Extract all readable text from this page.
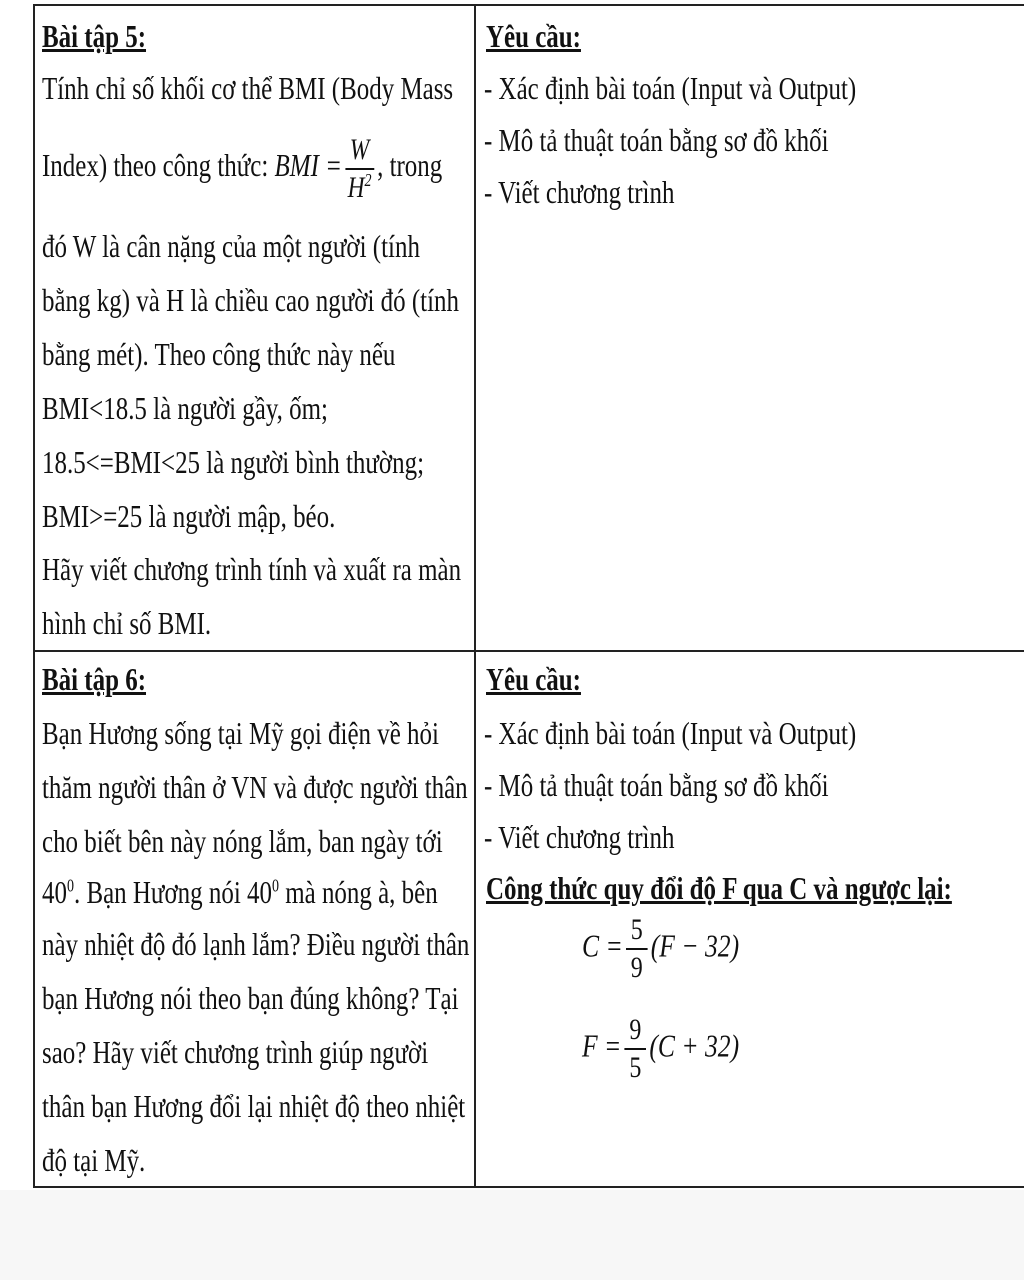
Bài tập 5:
Tính chỉ số khối cơ thể BMI (Body Mass
Index) theo công thức: BMI = $\frac{W}{H^2}$ , trong
đó W là cân nặng của một người (tính
bằng kg) và H là chiều cao người đó (tính
bằng mét). Theo công thức này nếu
BMI<18.5 là người gầy, ốm;
18.5<=BMI<25 là người bình thường;
BMI>=25 là người mập, béo.
Hãy viết chương trình tính và xuất ra màn
hình chỉ số BMI.
Yêu cầu:
- Xác định bài toán (Input và Output)
- Mô tả thuật toán bằng sơ đồ khối
- Viết chương trình
Bài tập 6:
Bạn Hương sống tại Mỹ gọi điện về hỏi
thăm người thân ở VN và được người thân
cho biết bên này nóng lắm, ban ngày tới
$40^0$. Bạn Hương nói $40^0$ mà nóng à, bên
này nhiệt độ đó lạnh lắm? Điều người thân
bạn Hương nói theo bạn đúng không? Tại
sao? Hãy viết chương trình giúp người
thân bạn Hương đổi lại nhiệt độ theo nhiệt
độ tại Mỹ.
Yêu cầu:
- Xác định bài toán (Input và Output)
- Mô tả thuật toán bằng sơ đồ khối
- Viết chương trình
Công thức quy đổi độ F qua C và ngược lại:
$C = \frac{5}{9} (F - 32)$
$F = \frac{9}{5} (C + 32)$
